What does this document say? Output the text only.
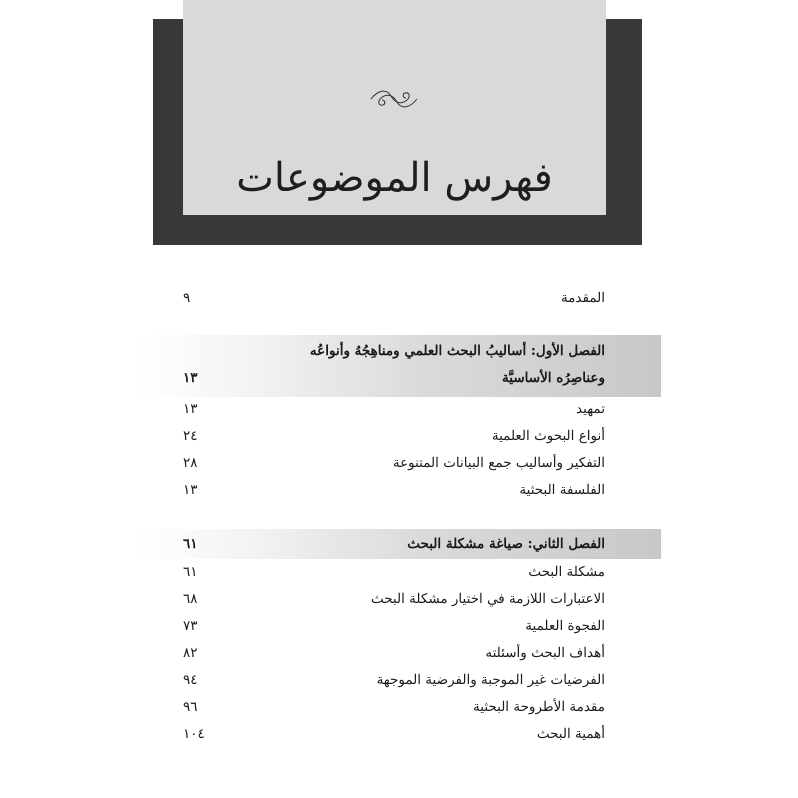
فهرس الموضوعات
المقدمة
٩
الفصل الأول: أساليبُ البحث العلمي ومناهِجُهُ وأنواعُه
وعناصِرُه الأساسيَّة
١٣
تمهيد
١٣
أنواع البحوث العلمية
٢٤
التفكير وأساليب جمع البيانات المتنوعة
٢٨
الفلسفة البحثية
١٣
الفصل الثاني: صياغة مشكلة البحث
٦١
مشكلة البحث
٦١
الاعتبارات اللازمة في اختيار مشكلة البحث
٦٨
الفجوة العلمية
٧٣
أهداف البحث وأسئلته
٨٢
الفرضيات غير الموجبة والفرضية الموجهة
٩٤
مقدمة الأطروحة البحثية
٩٦
أهمية البحث
١٠٤
